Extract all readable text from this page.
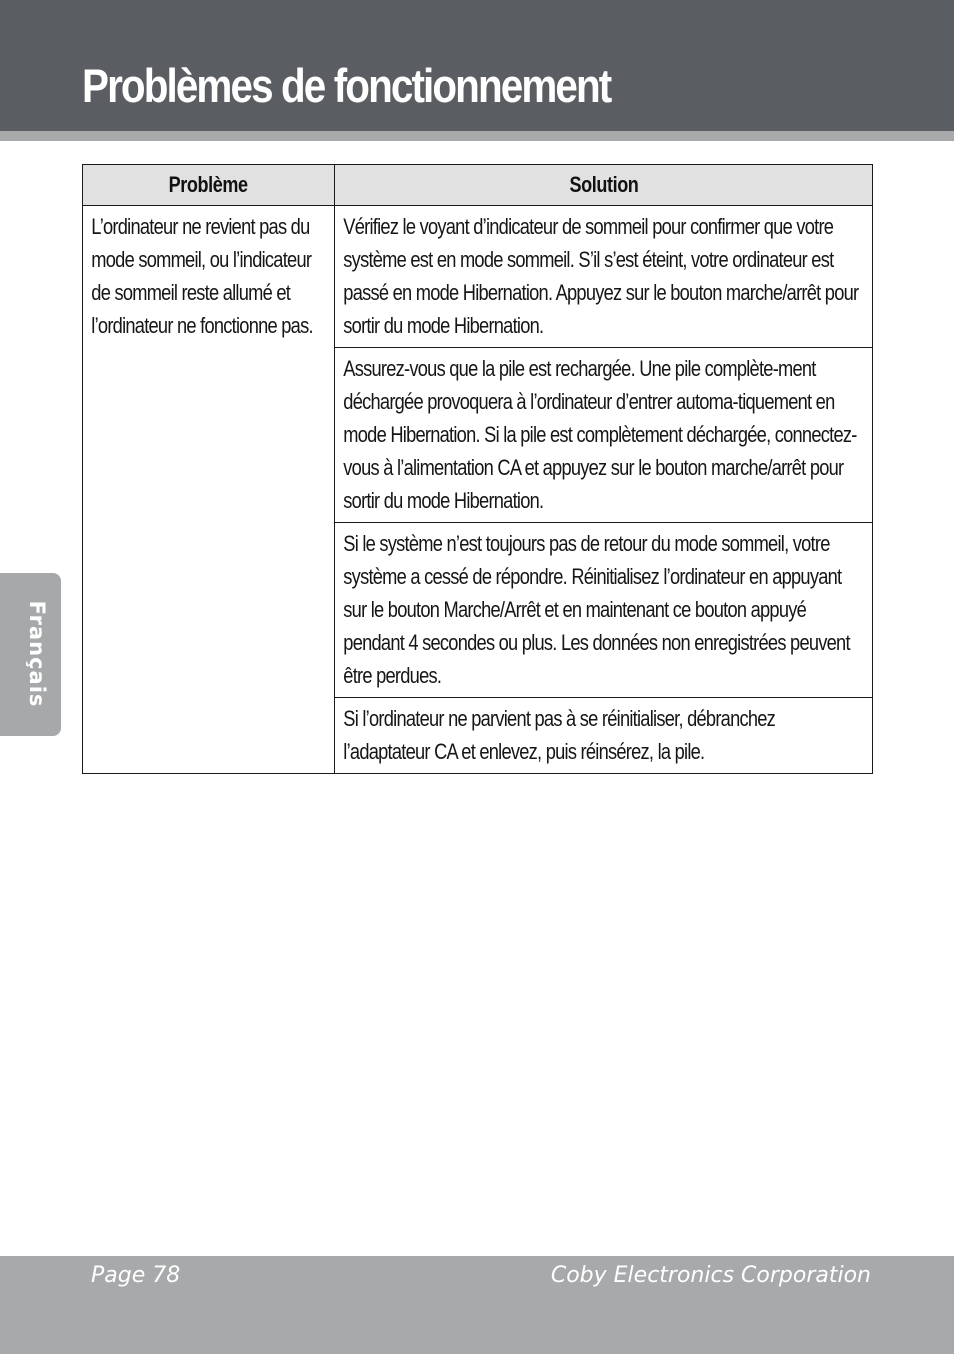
Problèmes de fonctionnement
Français
Problème	Solution

L’ordinateur ne revient pas du mode sommeil, ou l’indicateur de sommeil reste allumé et l’ordinateur ne fonctionne pas.	Vérifiez le voyant d’indicateur de sommeil pour confirmer que votre système est en mode sommeil. S’il s’est éteint, votre ordinateur est passé en mode Hibernation. Appuyez sur le bouton marche/arrêt pour sortir du mode Hibernation.

	Assurez-vous que la pile est rechargée. Une pile complète-ment déchargée provoquera à l’ordinateur d’entrer automa-tiquement en mode Hibernation. Si la pile est complètement déchargée, connectez-vous à l’alimentation CA et appuyez sur le bouton marche/arrêt pour sortir du mode Hibernation.

	Si le système n’est toujours pas de retour du mode sommeil, votre système a cessé de répondre. Réinitialisez l’ordinateur en appuyant sur le bouton Marche/Arrêt et en maintenant ce bouton appuyé pendant 4 secondes ou plus. Les données non enregistrées peuvent être perdues.

	Si l’ordinateur ne parvient pas à se réinitialiser, débranchez l’adaptateur CA et enlevez, puis réinsérez, la pile.
Page 78	Coby Electronics Corporation
